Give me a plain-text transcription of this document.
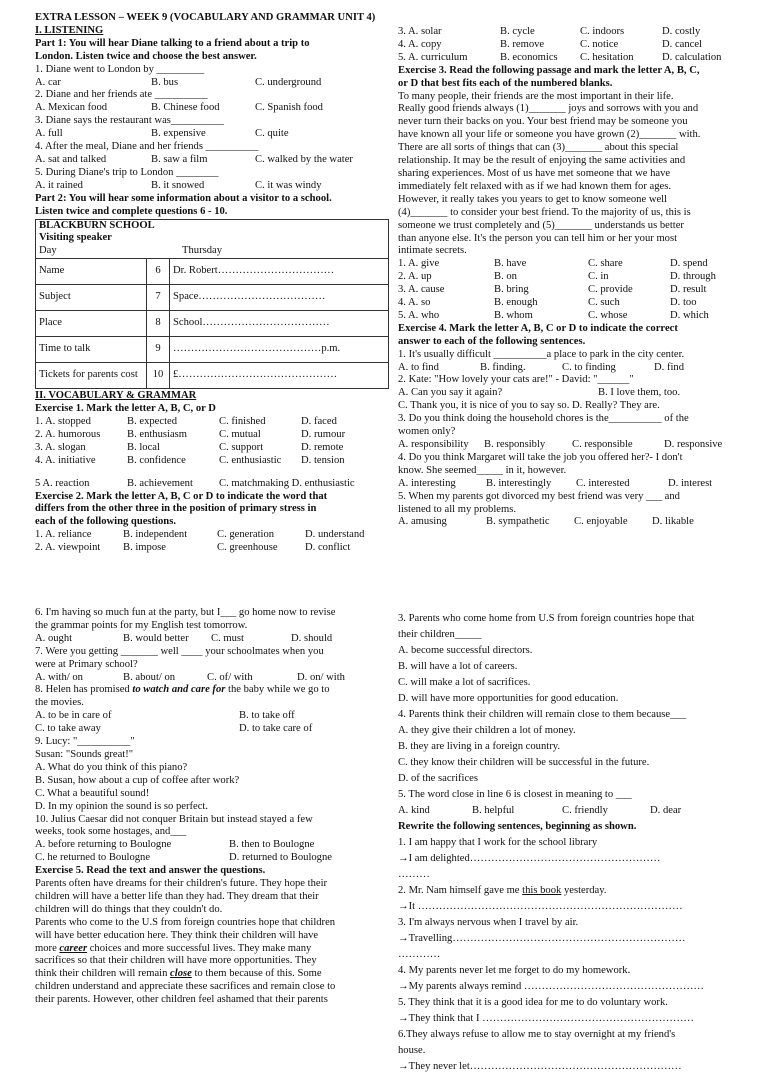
EXTRA LESSON – WEEK 9 (VOCABULARY AND GRAMMAR UNIT 4)

I. LISTENING

Part 1: You will hear Diane talking to a friend about a trip to

London. Listen twice and choose the best answer.

1. Diane went to London by _________

A. car	B. bus	C. underground

2. Diane and her friends ate __________

A. Mexican food	B. Chinese food	C. Spanish food

3. Diane says the restaurant was__________

A. full	B. expensive	C. quite

4. After the meal, Diane and her friends __________

A. sat and talked	B. saw a film	C. walked by the water

5. During Diane's trip to London ________

A. it rained	B. it snowed	C. it was windy

Part 2: You will hear some information about a visitor to a school.

Listen twice and complete questions 6 - 10.

BLACKBURN SCHOOL

Visiting speaker

Day	Thursday
Name	6	Dr. Robert……………………………
Subject	7	Space………………………………
Place	8	School………………………………
Time to talk	9	……………………………………p.m.
Tickets for parents cost	10	£………………………………………

II. VOCABULARY & GRAMMAR

Exercise 1. Mark the letter A, B, C, or D

1. A. stopped	B. expected	C. finished	D. faced
2. A. humorous	B. enthusiasm	C. mutual	D. rumour
3. A. slogan	B. local	C. support	D. remote
4. A. initiative	B. confidence	C. enthusiastic	D. tension
5 A. reaction	B. achievement	C. matchmaking D. enthusiastic

Exercise 2. Mark the letter A, B, C or D to indicate the word that

differs from the other three in the position of primary stress in

each of the following questions.

1. A. reliance	B. independent	C. generation	D. understand
2. A. viewpoint	B. impose	C. greenhouse	D. conflict
3. A. solar	B. cycle	C. indoors	D. costly
4. A. copy	B. remove	C. notice	D. cancel
5. A. curriculum	B. economics	C. hesitation	D. calculation

Exercise 3. Read the following passage and mark the letter A, B, C,

or D that best fits each of the numbered blanks.

To many people, their friends are the most important in their life.

Really good friends always (1)_______ joys and sorrows with you and

never turn their backs on you. Your best friend may be someone you

have known all your life or someone you have grown (2)_______ with.

There are all sorts of things that can (3)_______ about this special

relationship. It may be the result of enjoying the same activities and

sharing experiences. Most of us have met someone that we have

immediately felt relaxed with as if we had known them for ages.

However, it really takes you years to get to know someone well

(4)_______ to consider your best friend. To the majority of us, this is

someone we trust completely and (5)_______ understands us better

than anyone else. It's the person you can tell him or her your most

intimate secrets.

1. A. give	B. have	C. share	D. spend
2. A. up	B. on	C. in	D. through
3. A. cause	B. bring	C. provide	D. result
4. A. so	B. enough	C. such	D. too
5. A. who	B. whom	C. whose	D. which

Exercise 4. Mark the letter A, B, C or D to indicate the correct

answer to each of the following sentences.

1. It's usually difficult __________a place to park in the city center.

A. to find	B. finding.	C. to finding	D. find

2. Kate: "How lovely your cats are!" - David: "______"

A. Can you say it again?	B. I love them, too.

C. Thank you, it is nice of you to say so. D. Really? They are.

3. Do you think doing the household chores is the__________ of the

women only?

A. responsibility	B. responsibly	C. responsible	D. responsive

4. Do you think Margaret will take the job you offered her?- I don't

know. She seemed_____ in it, however.

A. interesting	B. interestingly	C. interested	D. interest

5. When my parents got divorced my best friend was very ___ and

listened to all my problems.

A. amusing	B. sympathetic	C. enjoyable	D. likable

6. I'm having so much fun at the party, but I___ go home now to revise

the grammar points for my English test tomorrow.

A. ought	B. would better	C. must	D. should

7. Were you getting _______ well ____ your schoolmates when you

were at Primary school?

A. with/ on	B. about/ on	C. of/ with	D. on/ with

8. Helen has promised to watch and care for the baby while we go to

the movies.

A. to be in care of	B. to take off
C. to take away	D. to take care of

9. Lucy: "__________"

Susan: "Sounds great!"

A. What do you think of this piano?

B. Susan, how about a cup of coffee after work?

C. What a beautiful sound!

D. In my opinion the sound is so perfect.

10. Julius Caesar did not conquer Britain but instead stayed a few

weeks, took some hostages, and___

A. before returning to Boulogne	B. then to Boulogne
C. he returned to Boulogne	D. returned to Boulogne

Exercise 5. Read the text and answer the questions.

Parents often have dreams for their children's future. They hope their

children will have a better life than they had. They dream that their

children will do things that they couldn't do.

Parents who come to the U.S from foreign countries hope that children

will have better education here. They think their children will have

more career choices and more successful lives. They make many

sacrifices so that their children will have more opportunities. They

think their children will remain close to them because of this. Some

children understand and appreciate these sacrifices and remain close to

their parents. However, other children feel ashamed that their parents

3. Parents who come home from U.S from foreign countries hope that

their children_____

A. become successful directors.

B. will have a lot of careers.

C. will make a lot of sacrifices.

D. will have more opportunities for good education.

4. Parents think their children will remain close to them because___

A. they give their children a lot of money.

B. they are living in a foreign country.

C. they know their children will be successful in the future.

D. of the sacrifices

5. The word close in line 6 is closest in meaning to ___

A. kind	B. helpful	C. friendly	D. dear

Rewrite the following sentences, beginning as shown.

1. I am happy that I work for the school library

→I am delighted………………………………………………

………

2. Mr. Nam himself gave me this book yesterday.

→It …………………………………………………………………

3. I'm always nervous when I travel by air.

→Travelling…………………………………………………………

…………

4. My parents never let me forget to do my homework.

→My parents always remind ……………………………………………

5. They think that it is a good idea for me to do voluntary work.

→They think that I ……………………………………………………

6.They always refuse to allow me to stay overnight at my friend's

house.

→They never let……………………………………………………
